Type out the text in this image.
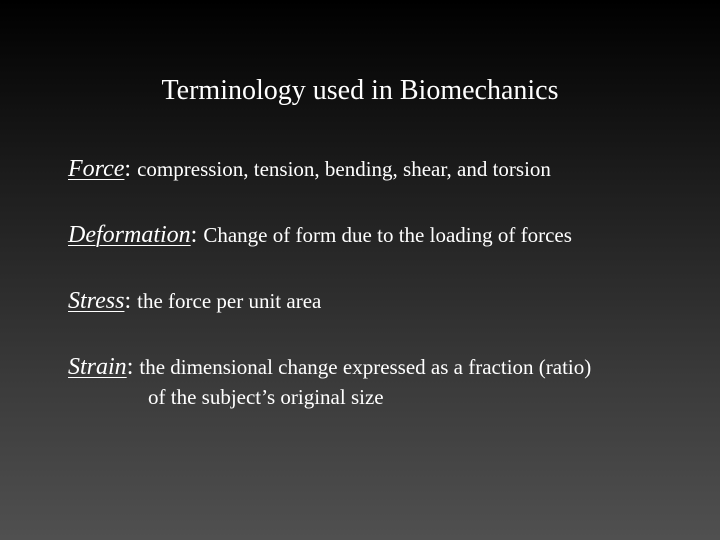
Terminology used in Biomechanics
Force: compression, tension, bending, shear, and torsion
Deformation: Change of form due to the loading of forces
Stress: the force per unit area
Strain: the dimensional change expressed as a fraction (ratio)
of the subject’s original size
